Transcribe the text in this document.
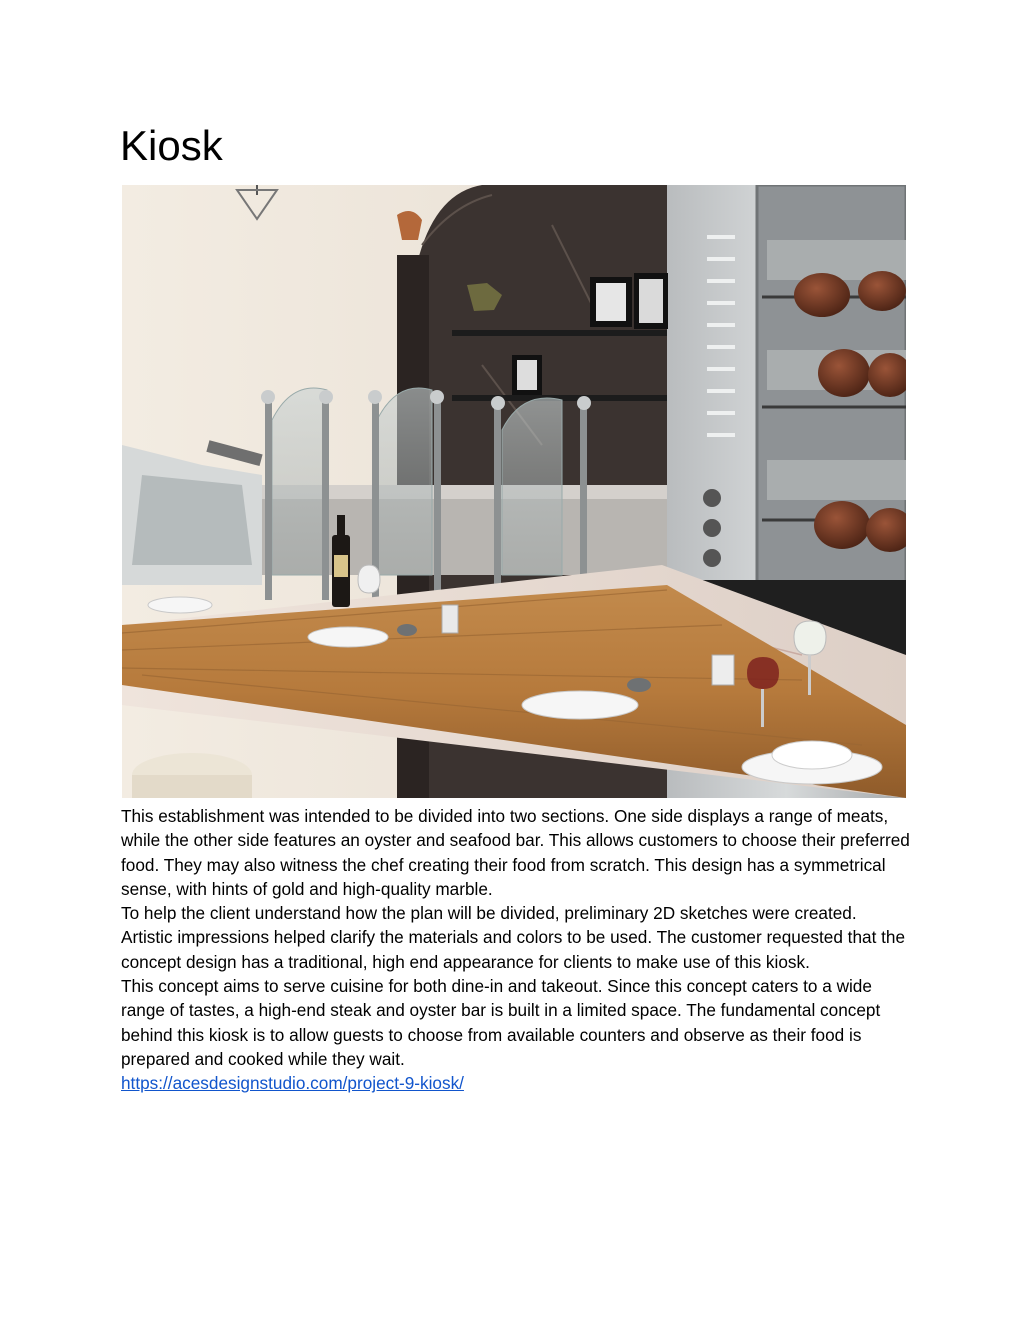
Kiosk

This establishment was intended to be divided into two sections. One side displays a range of meats, while the other side features an oyster and seafood bar. This allows customers to choose their preferred food. They may also witness the chef creating their food from scratch. This design has a symmetrical sense, with hints of gold and high-quality marble.

To help the client understand how the plan will be divided, preliminary 2D sketches were created. Artistic impressions helped clarify the materials and colors to be used. The customer requested that the concept design has a traditional, high end appearance for clients to make use of this kiosk.

This concept aims to serve cuisine for both dine-in and takeout. Since this concept caters to a wide range of tastes, a high-end steak and oyster bar is built in a limited space. The fundamental concept behind this kiosk is to allow guests to choose from available counters and observe as their food is prepared and cooked while they wait.

https://acesdesignstudio.com/project-9-kiosk/
